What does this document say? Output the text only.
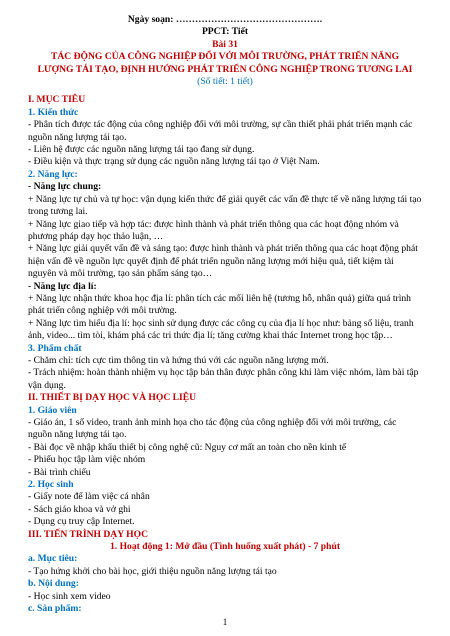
Ngày soạn: ……………………………………….

PPCT: Tiết

Bài 31

TÁC ĐỘNG CỦA CÔNG NGHIỆP ĐỐI VỚI MÔI TRƯỜNG, PHÁT TRIỂN NĂNG

LƯỢNG TÁI TẠO, ĐỊNH HƯỚNG PHÁT TRIỂN CÔNG NGHIỆP TRONG TƯƠNG LAI

(Số tiết: 1 tiết)

I. MỤC TIÊU

1. Kiến thức

- Phân tích được tác động của công nghiệp đối với môi trường, sự cần thiết phải phát triển mạnh các nguồn năng lượng tái tạo.

- Liên hệ được các nguồn năng lượng tái tạo đang sử dụng.

- Điều kiện và thực trạng sử dụng các nguồn năng lượng tái tạo ở Việt Nam.

2. Năng lực:

- Năng lực chung:

+ Năng lực tự chủ và tự học: vận dụng kiến thức để giải quyết các vấn đề thực tế về năng lượng tái tạo trong tương lai.

+ Năng lực giao tiếp và hợp tác: được hình thành và phát triển thông qua các hoạt động nhóm và phương pháp dạy học thảo luận, …

+ Năng lực giải quyết vấn đề và sáng tạo: được hình thành và phát triển thông qua các hoạt động phát hiện vấn đề về nguồn lực quyết định để phát triển nguồn năng lượng mới hiệu quả, tiết kiệm tài nguyên và môi trường, tạo sản phẩm sáng tạo…

- Năng lực địa lí:

+ Năng lực nhận thức khoa học địa lí: phân tích các mối liên hệ (tương hỗ, nhân quả) giữa quá trình phát triển công nghiệp với môi trường.

+ Năng lực tìm hiểu địa lí: học sinh sử dụng được các công cụ của địa lí học như: bảng số liệu, tranh ảnh, video... tìm tòi, khám phá các tri thức địa lí; tăng cường khai thác Internet trong học tập…

3. Phẩm chất

- Chăm chỉ: tích cực tìm thông tin và hứng thú với các nguồn năng lượng mới.

- Trách nhiệm: hoàn thành nhiệm vụ học tập bản thân được phân công khi làm việc nhóm, làm bài tập vận dụng.

II. THIẾT BỊ DẠY HỌC VÀ HỌC LIỆU

1. Giáo viên

- Giáo án, 1 số video, tranh ảnh minh họa cho tác động của công nghiệp đối với môi trường, các nguồn năng lượng tái tạo.

- Bài đọc về nhập khẩu thiết bị công nghệ cũ: Nguy cơ mất an toàn cho nền kinh tế

- Phiếu học tập làm việc nhóm

- Bài trình chiếu

2. Học sinh

- Giấy note để làm việc cá nhân

- Sách giáo khoa và vở ghi

- Dụng cụ truy cập Internet.

III. TIẾN TRÌNH DẠY HỌC

1. Hoạt động 1: Mở đầu (Tình huống xuất phát) - 7 phút

a. Mục tiêu:

- Tạo hứng khởi cho bài học, giới thiệu nguồn năng lượng tái tạo

b. Nội dung:

- Học sinh xem video

c. Sản phẩm:

1
